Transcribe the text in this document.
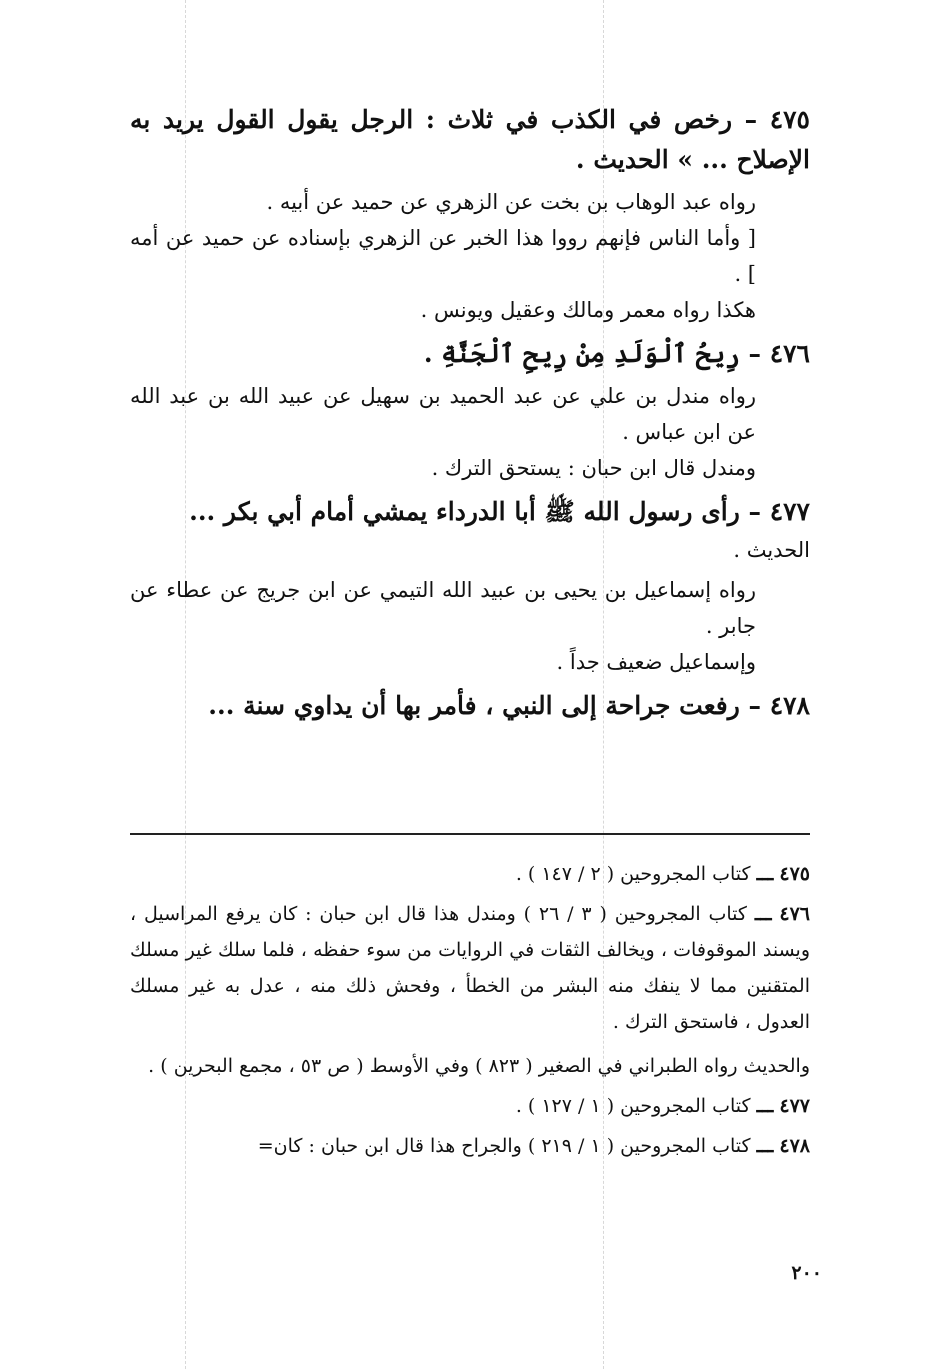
٤٧٥ – رخص في الكذب في ثلاث : الرجل يقول القول يريد به الإصلاح ... » الحديث .

رواه عبد الوهاب بن بخت عن الزهري عن حميد عن أبيه .

[ وأما الناس فإنهم رووا هذا الخبر عن الزهري بإسناده عن حميد عن أمه ] .

هكذا رواه معمر ومالك وعقيل ويونس .

٤٧٦ – رِيحُ ٱلْوَلَدِ مِنْ رِيحِ ٱلْجَنَّةِ .

رواه مندل بن علي عن عبد الحميد بن سهيل عن عبيد الله بن عبد الله عن ابن عباس .

ومندل قال ابن حبان : يستحق الترك .

٤٧٧ – رأى رسول الله ﷺ أبا الدرداء يمشي أمام أبي بكر ...

الحديث .

رواه إسماعيل بن يحيى بن عبيد الله التيمي عن ابن جريج عن عطاء عن جابر .

وإسماعيل ضعيف جداً .

٤٧٨ – رفعت جراحة إلى النبي ، فأمر بها أن يداوي سنة ...

٤٧٥ ـــ كتاب المجروحين ( ٢ / ١٤٧ ) .

٤٧٦ ـــ كتاب المجروحين ( ٣ / ٢٦ ) ومندل هذا قال ابن حبان : كان يرفع المراسيل ، ويسند الموقوفات ، ويخالف الثقات في الروايات من سوء حفظه ، فلما سلك غير مسلك المتقنين مما لا ينفك منه البشر من الخطأ ، وفحش ذلك منه ، عدل به غير مسلك العدول ، فاستحق الترك .

والحديث رواه الطبراني في الصغير ( ٨٢٣ ) وفي الأوسط ( ص ٥٣ ، مجمع البحرين ) .

٤٧٧ ـــ كتاب المجروحين ( ١ / ١٢٧ ) .

٤٧٨ ـــ كتاب المجروحين ( ١ / ٢١٩ ) والجراح هذا قال ابن حبان : كان=

٢٠٠
